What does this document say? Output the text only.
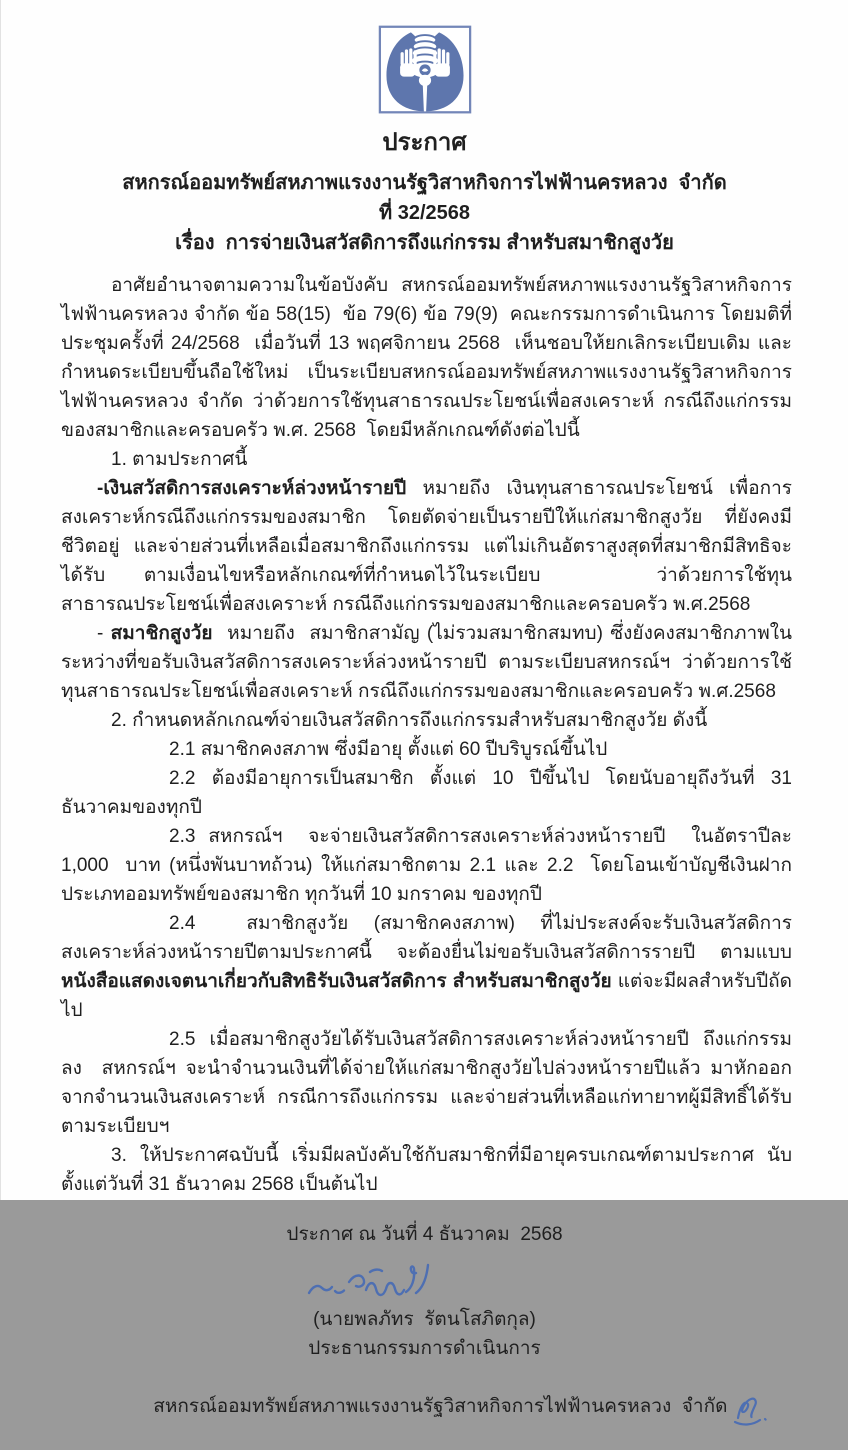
ประกาศ
สหกรณ์ออมทรัพย์สหภาพแรงงานรัฐวิสาหกิจการไฟฟ้านครหลวง  จำกัด
ที่ 32/2568
เรื่อง  การจ่ายเงินสวัสดิการถึงแก่กรรม สำหรับสมาชิกสูงวัย

อาศัยอำนาจตามความในข้อบังคับ สหกรณ์ออมทรัพย์สหภาพแรงงานรัฐวิสาหกิจการไฟฟ้านครหลวง จำกัด ข้อ 58(15)  ข้อ 79(6) ข้อ 79(9)  คณะกรรมการดำเนินการ โดยมติที่ประชุมครั้งที่ 24/2568  เมื่อวันที่ 13 พฤศจิกายน 2568  เห็นชอบให้ยกเลิกระเบียบเดิม และกำหนดระเบียบขึ้นถือใช้ใหม่  เป็นระเบียบสหกรณ์ออมทรัพย์สหภาพแรงงานรัฐวิสาหกิจการไฟฟ้านครหลวง จำกัด ว่าด้วยการใช้ทุนสาธารณประโยชน์เพื่อสงเคราะห์ กรณีถึงแก่กรรมของสมาชิกและครอบครัว พ.ศ. 2568  โดยมีหลักเกณฑ์ดังต่อไปนี้

1. ตามประกาศนี้

-เงินสวัสดิการสงเคราะห์ล่วงหน้ารายปี หมายถึง เงินทุนสาธารณประโยชน์ เพื่อการสงเคราะห์กรณีถึงแก่กรรมของสมาชิก โดยตัดจ่ายเป็นรายปีให้แก่สมาชิกสูงวัย ที่ยังคงมีชีวิตอยู่ และจ่ายส่วนที่เหลือเมื่อสมาชิกถึงแก่กรรม แต่ไม่เกินอัตราสูงสุดที่สมาชิกมีสิทธิจะได้รับ ตามเงื่อนไขหรือหลักเกณฑ์ที่กำหนดไว้ในระเบียบ   ว่าด้วยการใช้ทุนสาธารณประโยชน์เพื่อสงเคราะห์ กรณีถึงแก่กรรมของสมาชิกและครอบครัว พ.ศ.2568

- สมาชิกสูงวัย  หมายถึง  สมาชิกสามัญ (ไม่รวมสมาชิกสมทบ) ซึ่งยังคงสมาชิกภาพในระหว่างที่ขอรับเงินสวัสดิการสงเคราะห์ล่วงหน้ารายปี ตามระเบียบสหกรณ์ฯ ว่าด้วยการใช้ทุนสาธารณประโยชน์เพื่อสงเคราะห์ กรณีถึงแก่กรรมของสมาชิกและครอบครัว พ.ศ.2568

2. กำหนดหลักเกณฑ์จ่ายเงินสวัสดิการถึงแก่กรรมสำหรับสมาชิกสูงวัย ดังนี้

2.1 สมาชิกคงสภาพ ซึ่งมีอายุ ตั้งแต่ 60 ปีบริบูรณ์ขึ้นไป

2.2 ต้องมีอายุการเป็นสมาชิก ตั้งแต่ 10 ปีขึ้นไป โดยนับอายุถึงวันที่ 31 ธันวาคมของทุกปี

2.3 สหกรณ์ฯ  จะจ่ายเงินสวัสดิการสงเคราะห์ล่วงหน้ารายปี  ในอัตราปีละ 1,000  บาท (หนึ่งพันบาทถ้วน) ให้แก่สมาชิกตาม 2.1 และ 2.2  โดยโอนเข้าบัญชีเงินฝากประเภทออมทรัพย์ของสมาชิก ทุกวันที่ 10 มกราคม ของทุกปี

2.4  สมาชิกสูงวัย (สมาชิกคงสภาพ) ที่ไม่ประสงค์จะรับเงินสวัสดิการสงเคราะห์ล่วงหน้ารายปีตามประกาศนี้ จะต้องยื่นไม่ขอรับเงินสวัสดิการรายปี ตามแบบ หนังสือแสดงเจตนาเกี่ยวกับสิทธิรับเงินสวัสดิการ สำหรับสมาชิกสูงวัย แต่จะมีผลสำหรับปีถัดไป

2.5 เมื่อสมาชิกสูงวัยได้รับเงินสวัสดิการสงเคราะห์ล่วงหน้ารายปี ถึงแก่กรรมลง  สหกรณ์ฯ จะนำจำนวนเงินที่ได้จ่ายให้แก่สมาชิกสูงวัยไปล่วงหน้ารายปีแล้ว มาหักออกจากจำนวนเงินสงเคราะห์ กรณีการถึงแก่กรรม และจ่ายส่วนที่เหลือแก่ทายาทผู้มีสิทธิ์ได้รับตามระเบียบฯ

3. ให้ประกาศฉบับนี้ เริ่มมีผลบังคับใช้กับสมาชิกที่มีอายุครบเกณฑ์ตามประกาศ นับตั้งแต่วันที่ 31 ธันวาคม 2568 เป็นต้นไป

ประกาศ ณ วันที่ 4 ธันวาคม  2568
(นายพลภัทร  รัตนโสภิตกุล)
ประธานกรรมการดำเนินการ

สหกรณ์ออมทรัพย์สหภาพแรงงานรัฐวิสาหกิจการไฟฟ้านครหลวง  จำกัด
